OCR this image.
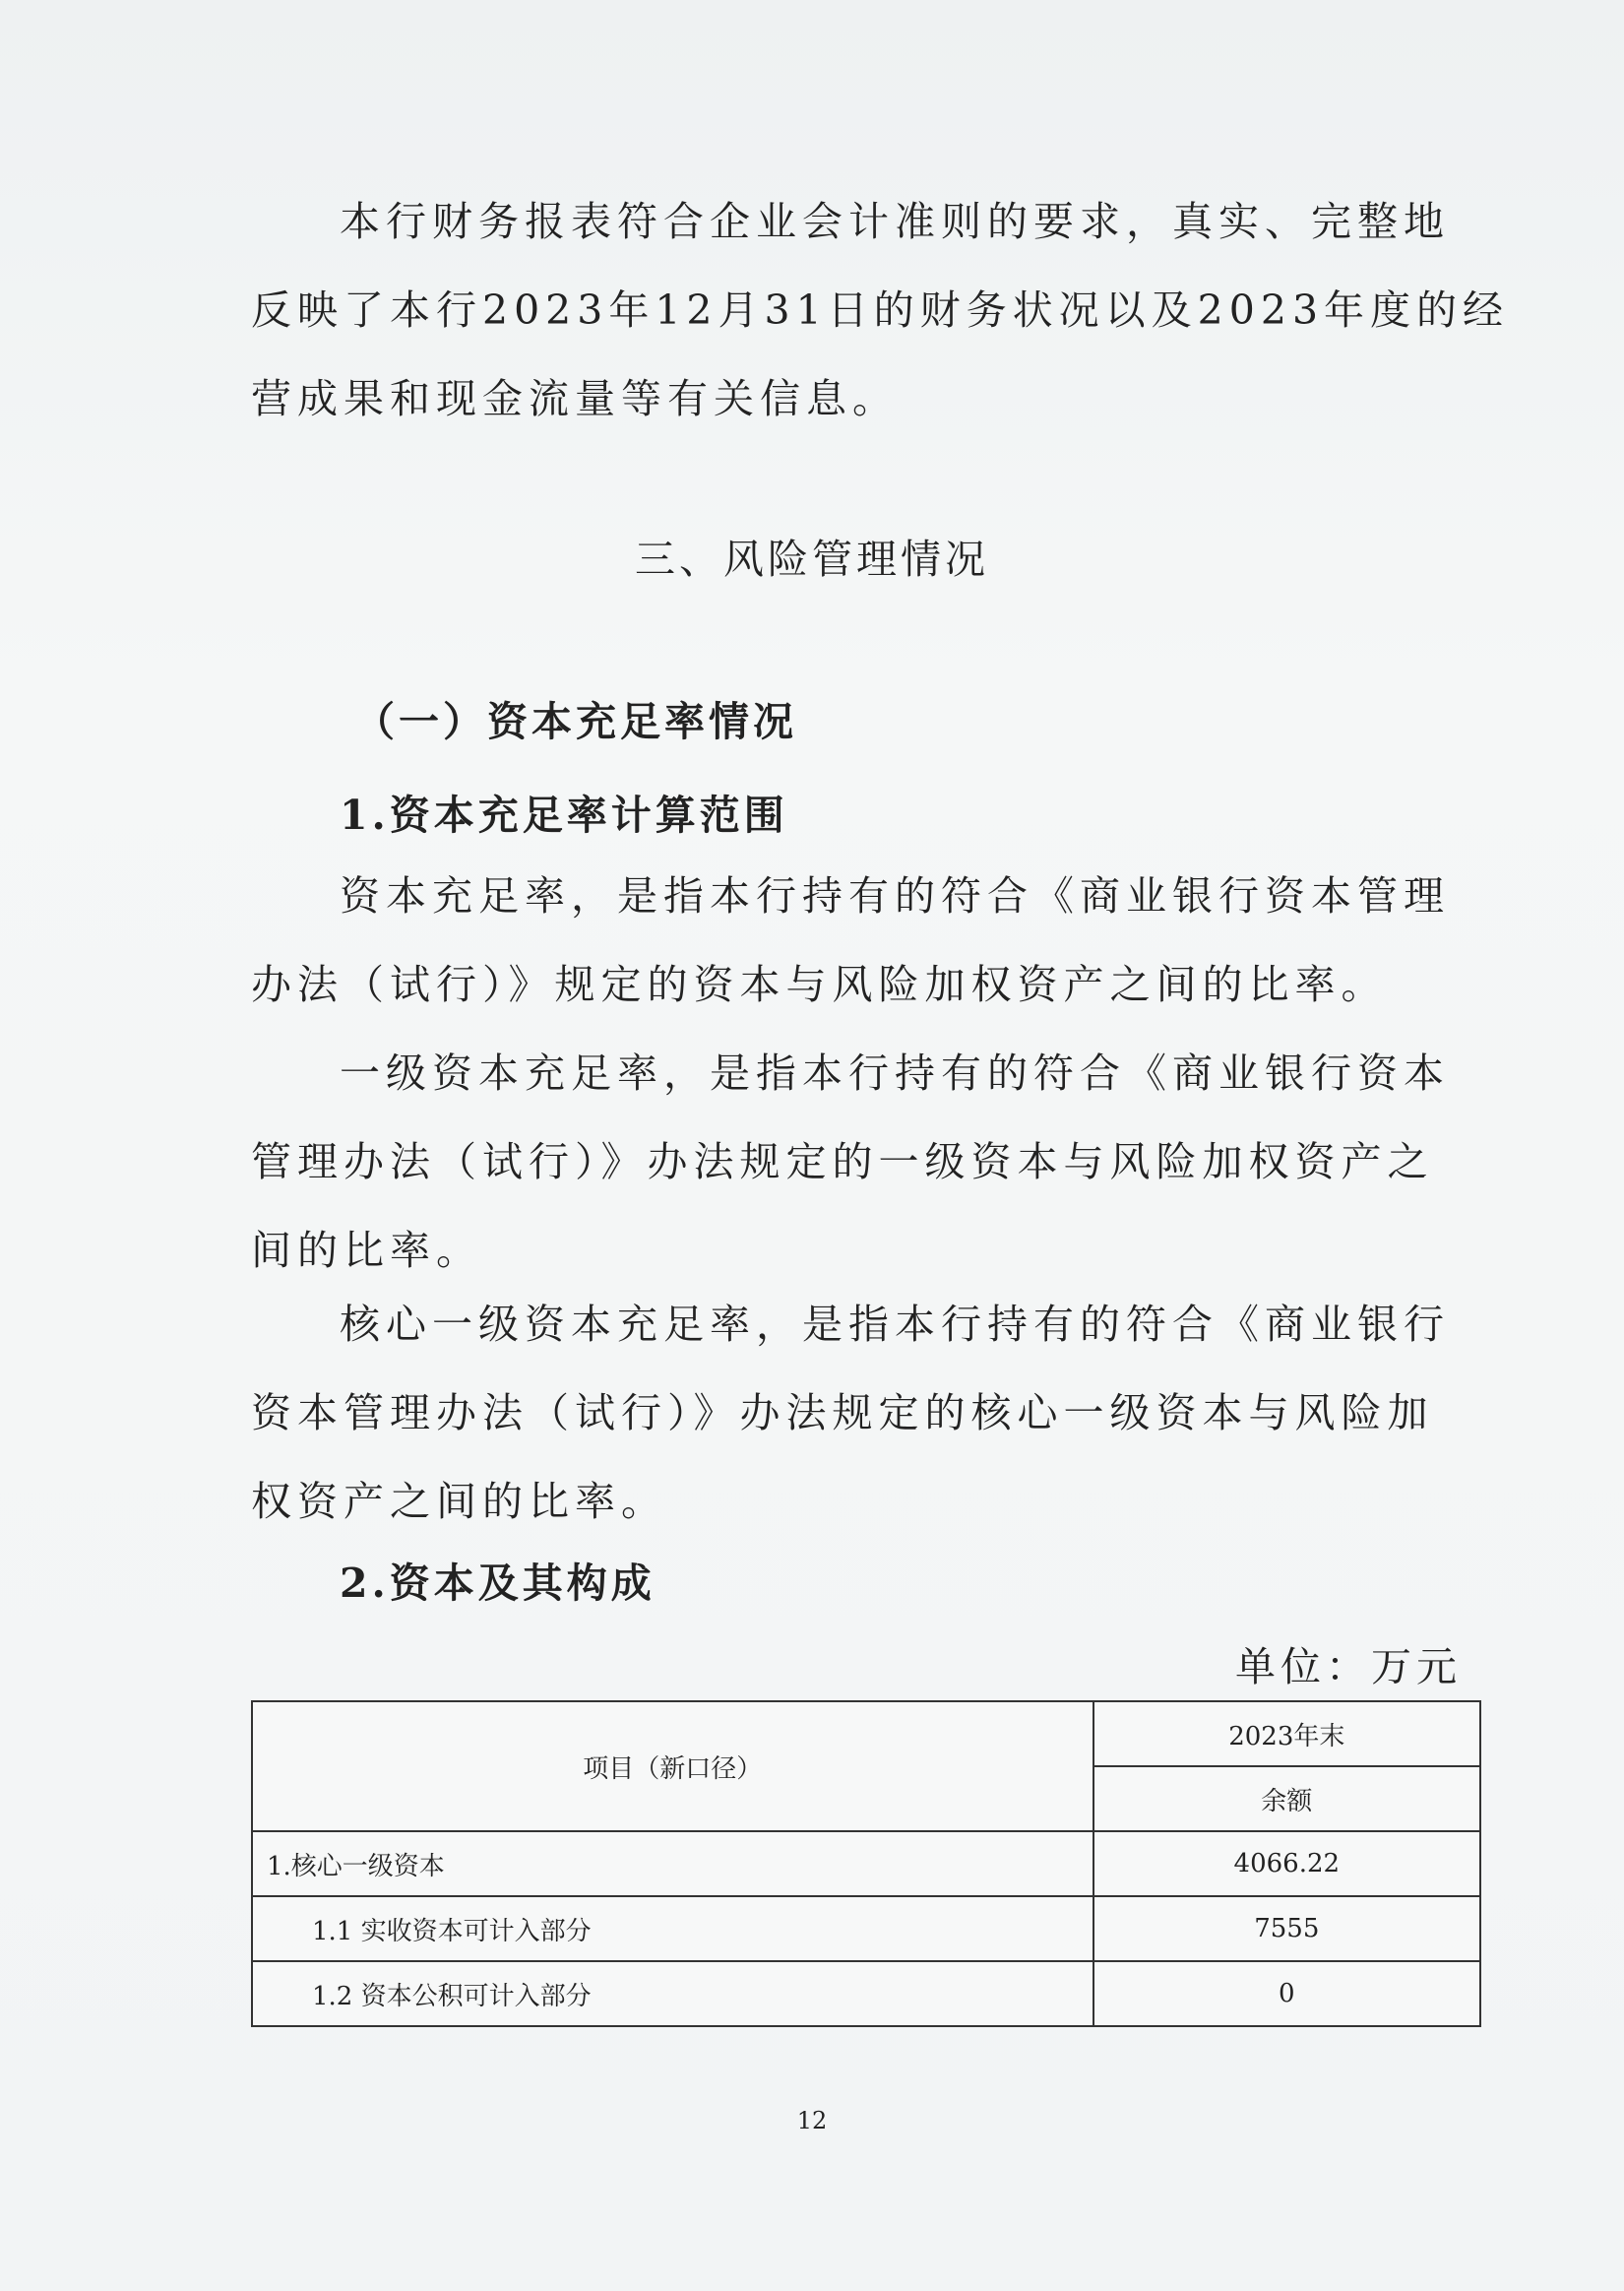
本行财务报表符合企业会计准则的要求，真实、完整地
反映了本行2023年12月31日的财务状况以及2023年度的经
营成果和现金流量等有关信息。

三、风险管理情况
（一）资本充足率情况
1.资本充足率计算范围

资本充足率，是指本行持有的符合《商业银行资本管理
办法（试行）》规定的资本与风险加权资产之间的比率。

一级资本充足率，是指本行持有的符合《商业银行资本
管理办法（试行）》办法规定的一级资本与风险加权资产之
间的比率。

核心一级资本充足率，是指本行持有的符合《商业银行
资本管理办法（试行）》办法规定的核心一级资本与风险加
权资产之间的比率。

2.资本及其构成

单位：万元

项目（新口径）	2023年末
	余额
1.核心一级资本	4066.22
1.1 实收资本可计入部分	7555
1.2 资本公积可计入部分	0

12
